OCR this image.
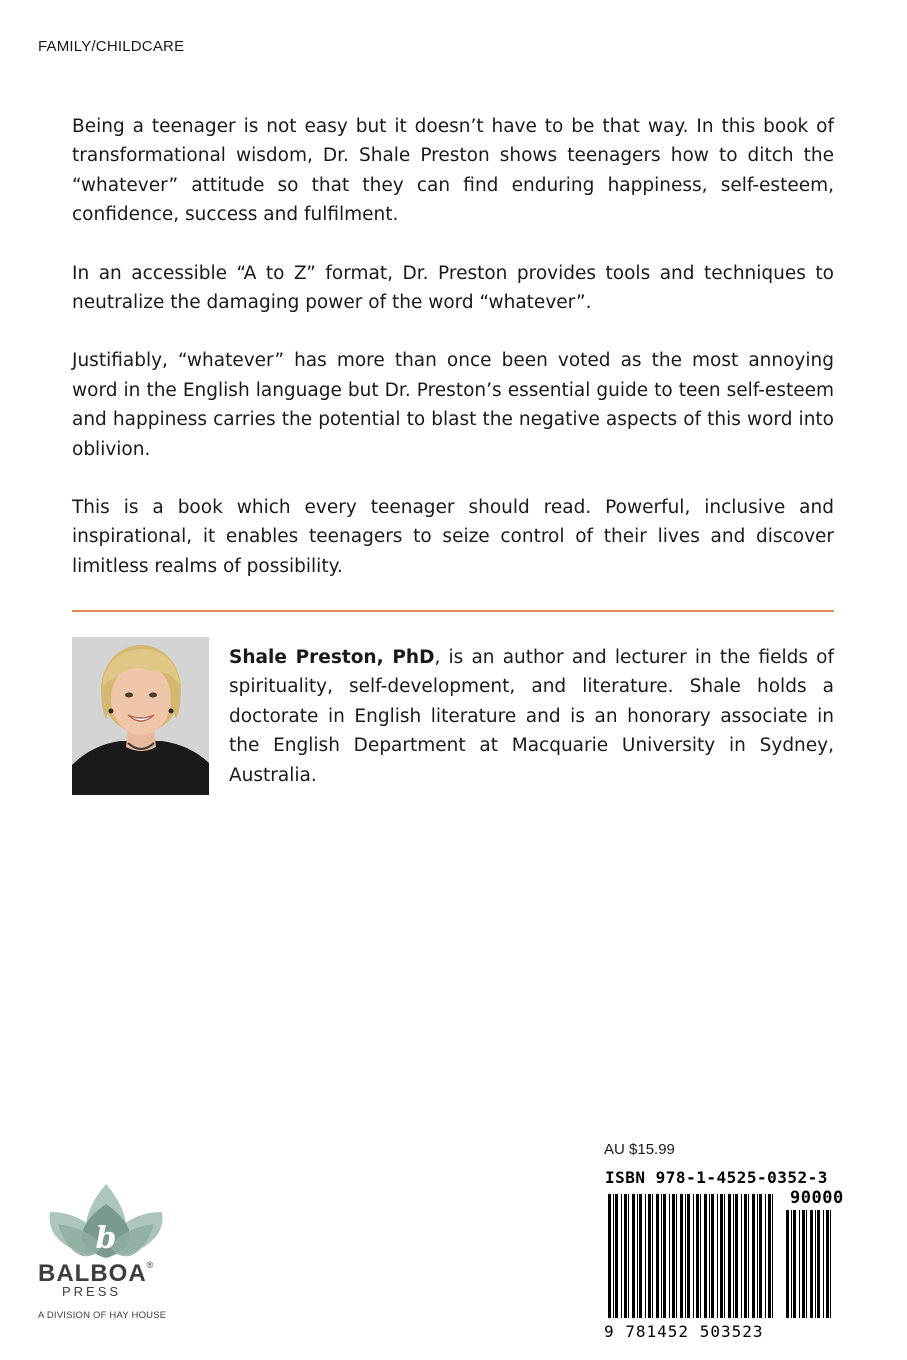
FAMILY/CHILDCARE

Being a teenager is not easy but it doesn’t have to be that way. In this book of transformational wisdom, Dr. Shale Preston shows teenagers how to ditch the “whatever” attitude so that they can find enduring happiness, self-esteem, confidence, success and fulfilment.

In an accessible “A to Z” format, Dr. Preston provides tools and techniques to neutralize the damaging power of the word “whatever”.

Justifiably, “whatever” has more than once been voted as the most annoying word in the English language but Dr. Preston’s essential guide to teen self-esteem and happiness carries the potential to blast the negative aspects of this word into oblivion.

This is a book which every teenager should read. Powerful, inclusive and inspirational, it enables teenagers to seize control of their lives and discover limitless realms of possibility.

Shale Preston, PhD, is an author and lecturer in the fields of spirituality, self-development, and literature. Shale holds a doctorate in English literature and is an honorary associate in the English Department at Macquarie University in Sydney, Australia.

b
BALBOA®
PRESS
A DIVISION OF HAY HOUSE
AU $15.99
ISBN 978-1-4525-0352-3
90000
9 781452 503523
